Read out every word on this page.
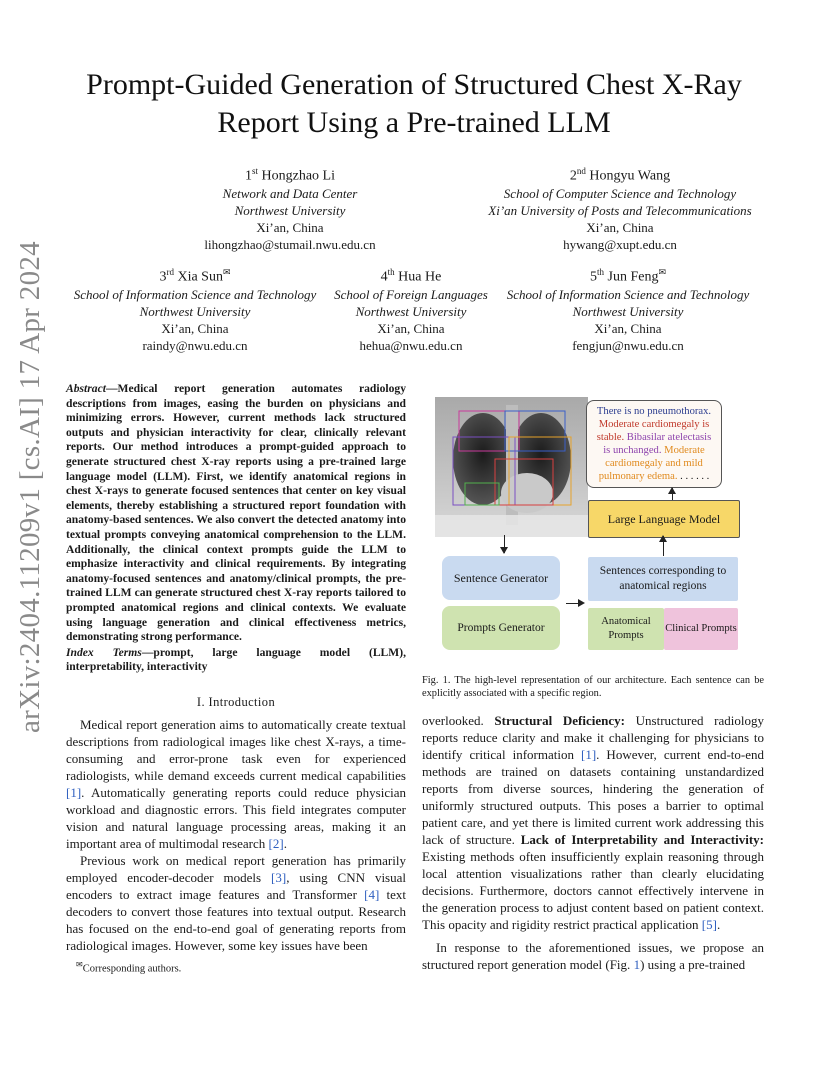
arXiv:2404.11209v1 [cs.AI] 17 Apr 2024
Prompt-Guided Generation of Structured Chest X-Ray Report Using a Pre-trained LLM
1st Hongzhao Li
Network and Data Center
Northwest University
Xi’an, China
lihongzhao@stumail.nwu.edu.cn
2nd Hongyu Wang
School of Computer Science and Technology
Xi’an University of Posts and Telecommunications
Xi’an, China
hywang@xupt.edu.cn
3rd Xia Sun✉
School of Information Science and Technology
Northwest University
Xi’an, China
raindy@nwu.edu.cn
4th Hua He
School of Foreign Languages
Northwest University
Xi’an, China
hehua@nwu.edu.cn
5th Jun Feng✉
School of Information Science and Technology
Northwest University
Xi’an, China
fengjun@nwu.edu.cn
Abstract—Medical report generation automates radiology descriptions from images, easing the burden on physicians and minimizing errors. However, current methods lack structured outputs and physician interactivity for clear, clinically relevant reports. Our method introduces a prompt-guided approach to generate structured chest X-ray reports using a pre-trained large language model (LLM). First, we identify anatomical regions in chest X-rays to generate focused sentences that center on key visual elements, thereby establishing a structured report foundation with anatomy-based sentences. We also convert the detected anatomy into textual prompts conveying anatomical comprehension to the LLM. Additionally, the clinical context prompts guide the LLM to emphasize interactivity and clinical requirements. By integrating anatomy-focused sentences and anatomy/clinical prompts, the pre-trained LLM can generate structured chest X-ray reports tailored to prompted anatomical regions and clinical contexts. We evaluate using language generation and clinical effectiveness metrics, demonstrating strong performance.
Index Terms—prompt, large language model (LLM), interpretability, interactivity
I. Introduction

Medical report generation aims to automatically create textual descriptions from radiological images like chest X-rays, a time-consuming and error-prone task even for experienced radiologists, while demand exceeds current medical capabilities [1]. Automatically generating reports could reduce physician workload and diagnostic errors. This field integrates computer vision and natural language processing areas, making it an important area of multimodal research [2].

Previous work on medical report generation has primarily employed encoder-decoder models [3], using CNN visual encoders to extract image features and Transformer [4] text decoders to convert those features into textual output. Research has focused on the end-to-end goal of generating reports from radiological images. However, some key issues have been

✉Corresponding authors.
There is no pneumothorax. Moderate cardiomegaly is stable. Bibasilar atelectasis is unchanged. Moderate cardiomegaly and mild pulmonary edema. . . . . . .
Large Language Model
Sentence Generator
Prompts Generator
Sentences corresponding to anatomical regions
Anatomical Prompts
Clinical Prompts
Fig. 1. The high-level representation of our architecture. Each sentence can be explicitly associated with a specific region.

overlooked. Structural Deficiency: Unstructured radiology reports reduce clarity and make it challenging for physicians to identify critical information [1]. However, current end-to-end methods are trained on datasets containing unstandardized reports from diverse sources, hindering the generation of uniformly structured outputs. This poses a barrier to optimal patient care, and yet there is limited current work addressing this lack of structure. Lack of Interpretability and Interactivity: Existing methods often insufficiently explain reasoning through local attention visualizations rather than clearly elucidating decisions. Furthermore, doctors cannot effectively intervene in the generation process to adjust content based on patient context. This opacity and rigidity restrict practical application [5].

In response to the aforementioned issues, we propose an structured report generation model (Fig. 1) using a pre-trained
